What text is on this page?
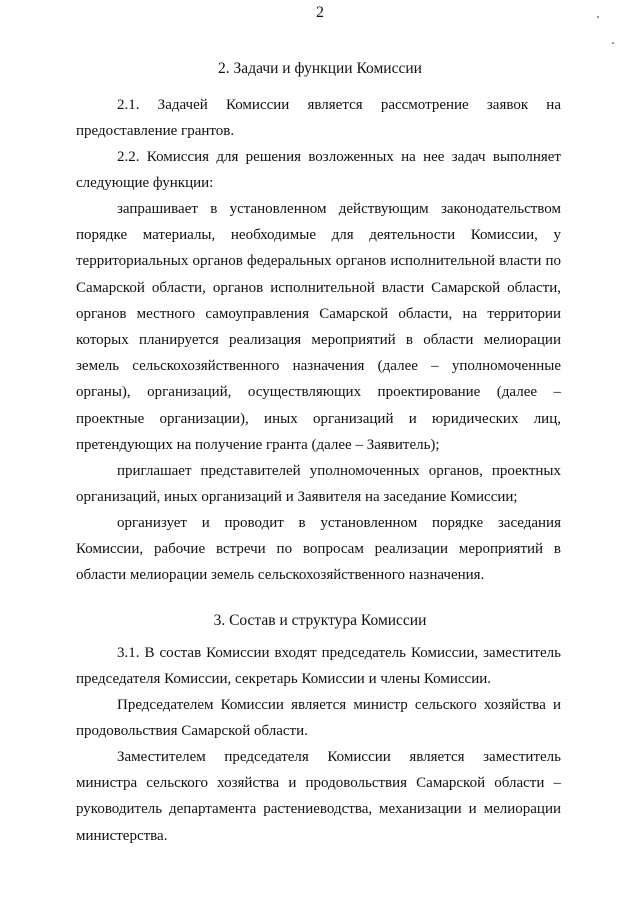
2
2. Задачи и функции Комиссии

2.1. Задачей Комиссии является рассмотрение заявок на предоставление грантов.

2.2. Комиссия для решения возложенных на нее задач выполняет следующие функции:

запрашивает в установленном действующим законодательством порядке материалы, необходимые для деятельности Комиссии, у территориальных органов федеральных органов исполнительной власти по Самарской области, органов исполнительной власти Самарской области, органов местного самоуправления Самарской области, на территории которых планируется реализация мероприятий в области мелиорации земель сельскохозяйственного назначения (далее – уполномоченные органы), организаций, осуществляющих проектирование (далее – проектные организации), иных организаций и юридических лиц, претендующих на получение гранта (далее – Заявитель);

приглашает представителей уполномоченных органов, проектных организаций, иных организаций и Заявителя на заседание Комиссии;

организует и проводит в установленном порядке заседания Комиссии, рабочие встречи по вопросам реализации мероприятий в области мелиорации земель сельскохозяйственного назначения.

3. Состав и структура Комиссии

3.1. В состав Комиссии входят председатель Комиссии, заместитель председателя Комиссии, секретарь Комиссии и члены Комиссии.

Председателем Комиссии является министр сельского хозяйства и продовольствия Самарской области.

Заместителем председателя Комиссии является заместитель министра сельского хозяйства и продовольствия Самарской области – руководитель департамента растениеводства, механизации и мелиорации министерства.
